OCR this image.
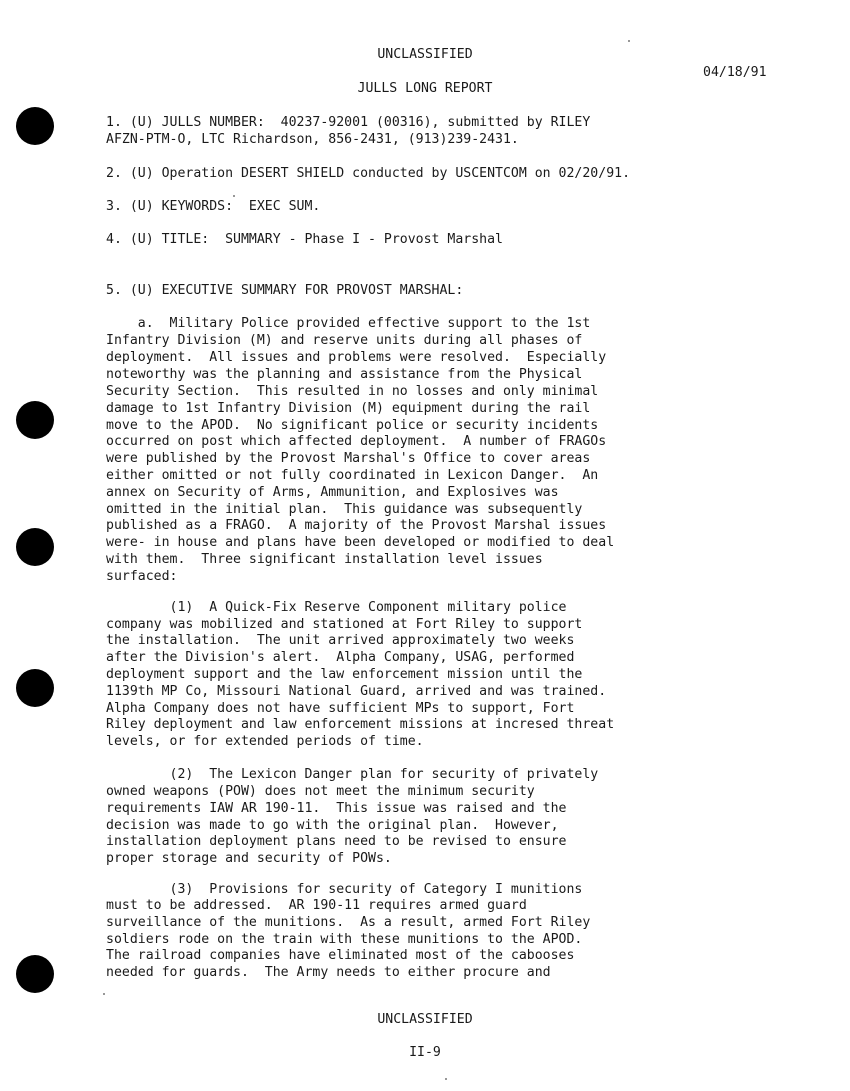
UNCLASSIFIED
04/18/91
JULLS LONG REPORT
1. (U) JULLS NUMBER:  40237-92001 (00316), submitted by RILEY
AFZN-PTM-O, LTC Richardson, 856-2431, (913)239-2431.
2. (U) Operation DESERT SHIELD conducted by USCENTCOM on 02/20/91.
3. (U) KEYWORDS:  EXEC SUM.
4. (U) TITLE:  SUMMARY - Phase I - Provost Marshal
5. (U) EXECUTIVE SUMMARY FOR PROVOST MARSHAL:
a.  Military Police provided effective support to the 1st
Infantry Division (M) and reserve units during all phases of
deployment.  All issues and problems were resolved.  Especially
noteworthy was the planning and assistance from the Physical
Security Section.  This resulted in no losses and only minimal
damage to 1st Infantry Division (M) equipment during the rail
move to the APOD.  No significant police or security incidents
occurred on post which affected deployment.  A number of FRAGOs
were published by the Provost Marshal's Office to cover areas
either omitted or not fully coordinated in Lexicon Danger.  An
annex on Security of Arms, Ammunition, and Explosives was
omitted in the initial plan.  This guidance was subsequently
published as a FRAGO.  A majority of the Provost Marshal issues
were- in house and plans have been developed or modified to deal
with them.  Three significant installation level issues
surfaced:
(1)  A Quick-Fix Reserve Component military police
company was mobilized and stationed at Fort Riley to support
the installation.  The unit arrived approximately two weeks
after the Division's alert.  Alpha Company, USAG, performed
deployment support and the law enforcement mission until the
1139th MP Co, Missouri National Guard, arrived and was trained.
Alpha Company does not have sufficient MPs to support, Fort
Riley deployment and law enforcement missions at incresed threat
levels, or for extended periods of time.
(2)  The Lexicon Danger plan for security of privately
owned weapons (POW) does not meet the minimum security
requirements IAW AR 190-11.  This issue was raised and the
decision was made to go with the original plan.  However,
installation deployment plans need to be revised to ensure
proper storage and security of POWs.
(3)  Provisions for security of Category I munitions
must to be addressed.  AR 190-11 requires armed guard
surveillance of the munitions.  As a result, armed Fort Riley
soldiers rode on the train with these munitions to the APOD.
The railroad companies have eliminated most of the cabooses
needed for guards.  The Army needs to either procure and
UNCLASSIFIED
II-9
